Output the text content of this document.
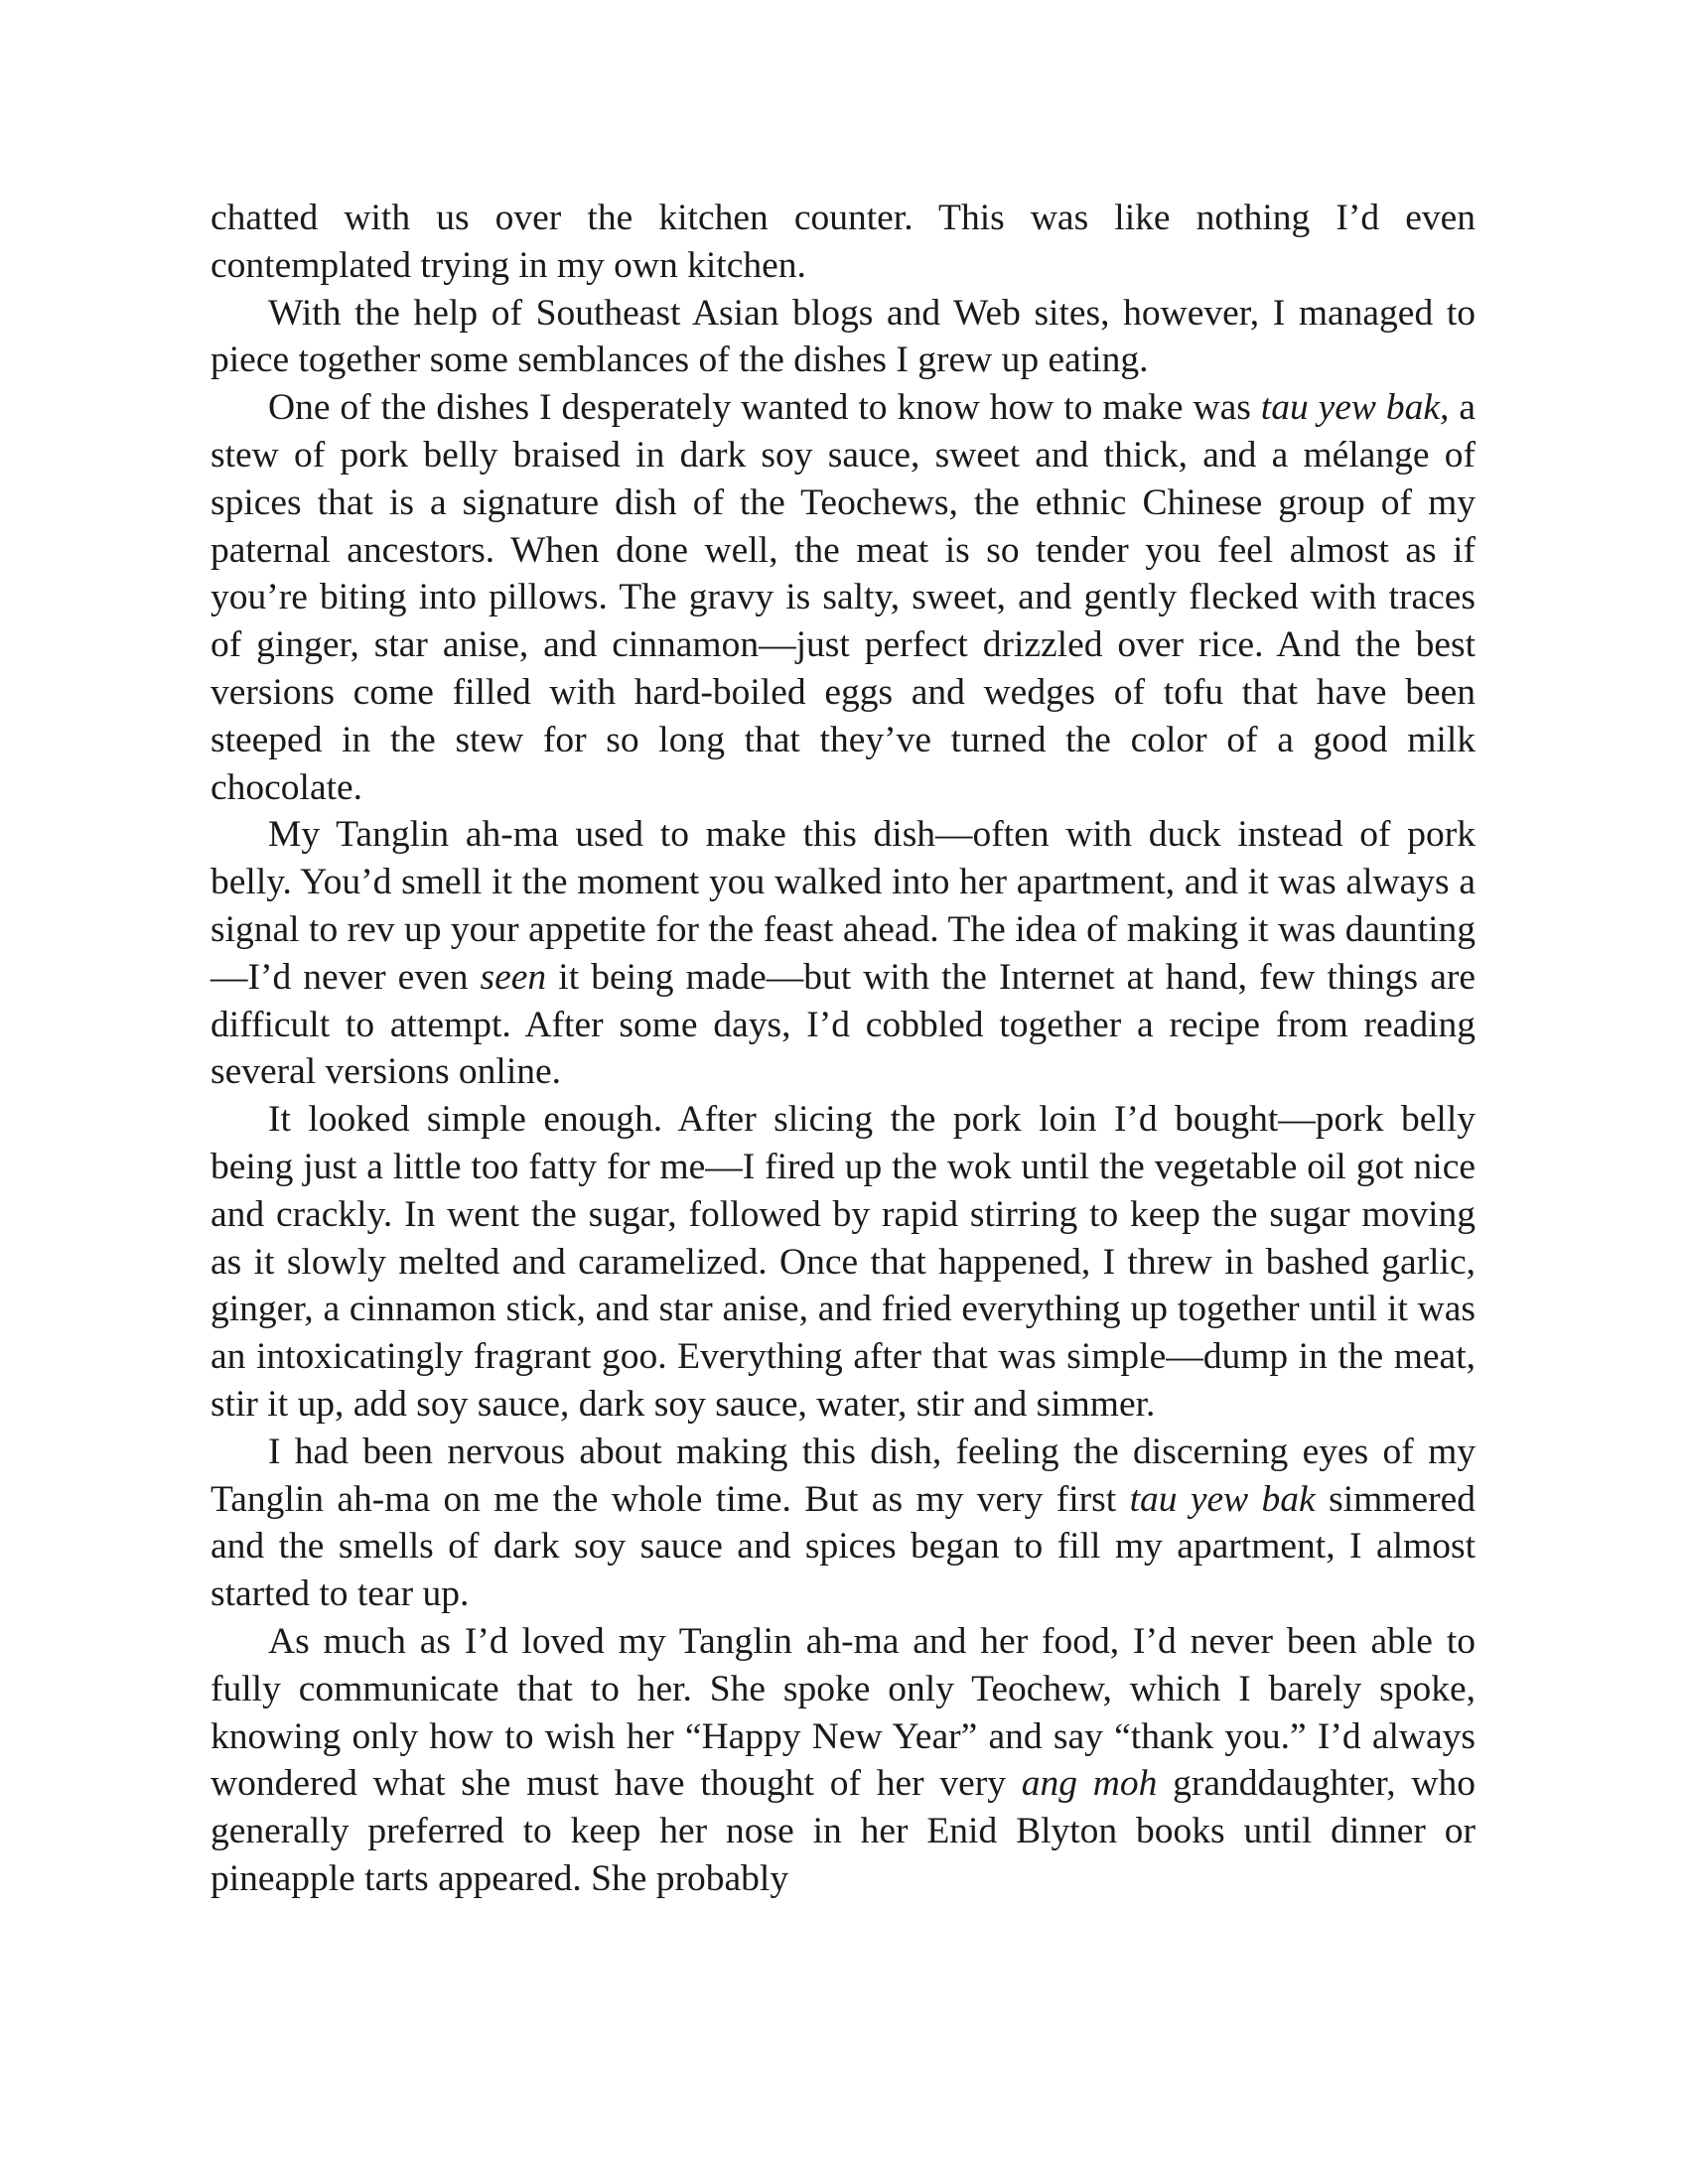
chatted with us over the kitchen counter. This was like nothing I’d even contemplated trying in my own kitchen.

With the help of Southeast Asian blogs and Web sites, however, I managed to piece together some semblances of the dishes I grew up eating.

One of the dishes I desperately wanted to know how to make was tau yew bak, a stew of pork belly braised in dark soy sauce, sweet and thick, and a mélange of spices that is a signature dish of the Teochews, the ethnic Chinese group of my paternal ancestors. When done well, the meat is so tender you feel almost as if you’re biting into pillows. The gravy is salty, sweet, and gently flecked with traces of ginger, star anise, and cinnamon—just perfect drizzled over rice. And the best versions come filled with hard-boiled eggs and wedges of tofu that have been steeped in the stew for so long that they’ve turned the color of a good milk chocolate.

My Tanglin ah-ma used to make this dish—often with duck instead of pork belly. You’d smell it the moment you walked into her apartment, and it was always a signal to rev up your appetite for the feast ahead. The idea of making it was daunting—I’d never even seen it being made—but with the Internet at hand, few things are difficult to attempt. After some days, I’d cobbled together a recipe from reading several versions online.

It looked simple enough. After slicing the pork loin I’d bought—pork belly being just a little too fatty for me—I fired up the wok until the vegetable oil got nice and crackly. In went the sugar, followed by rapid stirring to keep the sugar moving as it slowly melted and caramelized. Once that happened, I threw in bashed garlic, ginger, a cinnamon stick, and star anise, and fried everything up together until it was an intoxicatingly fragrant goo. Everything after that was simple—dump in the meat, stir it up, add soy sauce, dark soy sauce, water, stir and simmer.

I had been nervous about making this dish, feeling the discerning eyes of my Tanglin ah-ma on me the whole time. But as my very first tau yew bak simmered and the smells of dark soy sauce and spices began to fill my apartment, I almost started to tear up.

As much as I’d loved my Tanglin ah-ma and her food, I’d never been able to fully communicate that to her. She spoke only Teochew, which I barely spoke, knowing only how to wish her “Happy New Year” and say “thank you.” I’d always wondered what she must have thought of her very ang moh granddaughter, who generally preferred to keep her nose in her Enid Blyton books until dinner or pineapple tarts appeared. She probably
